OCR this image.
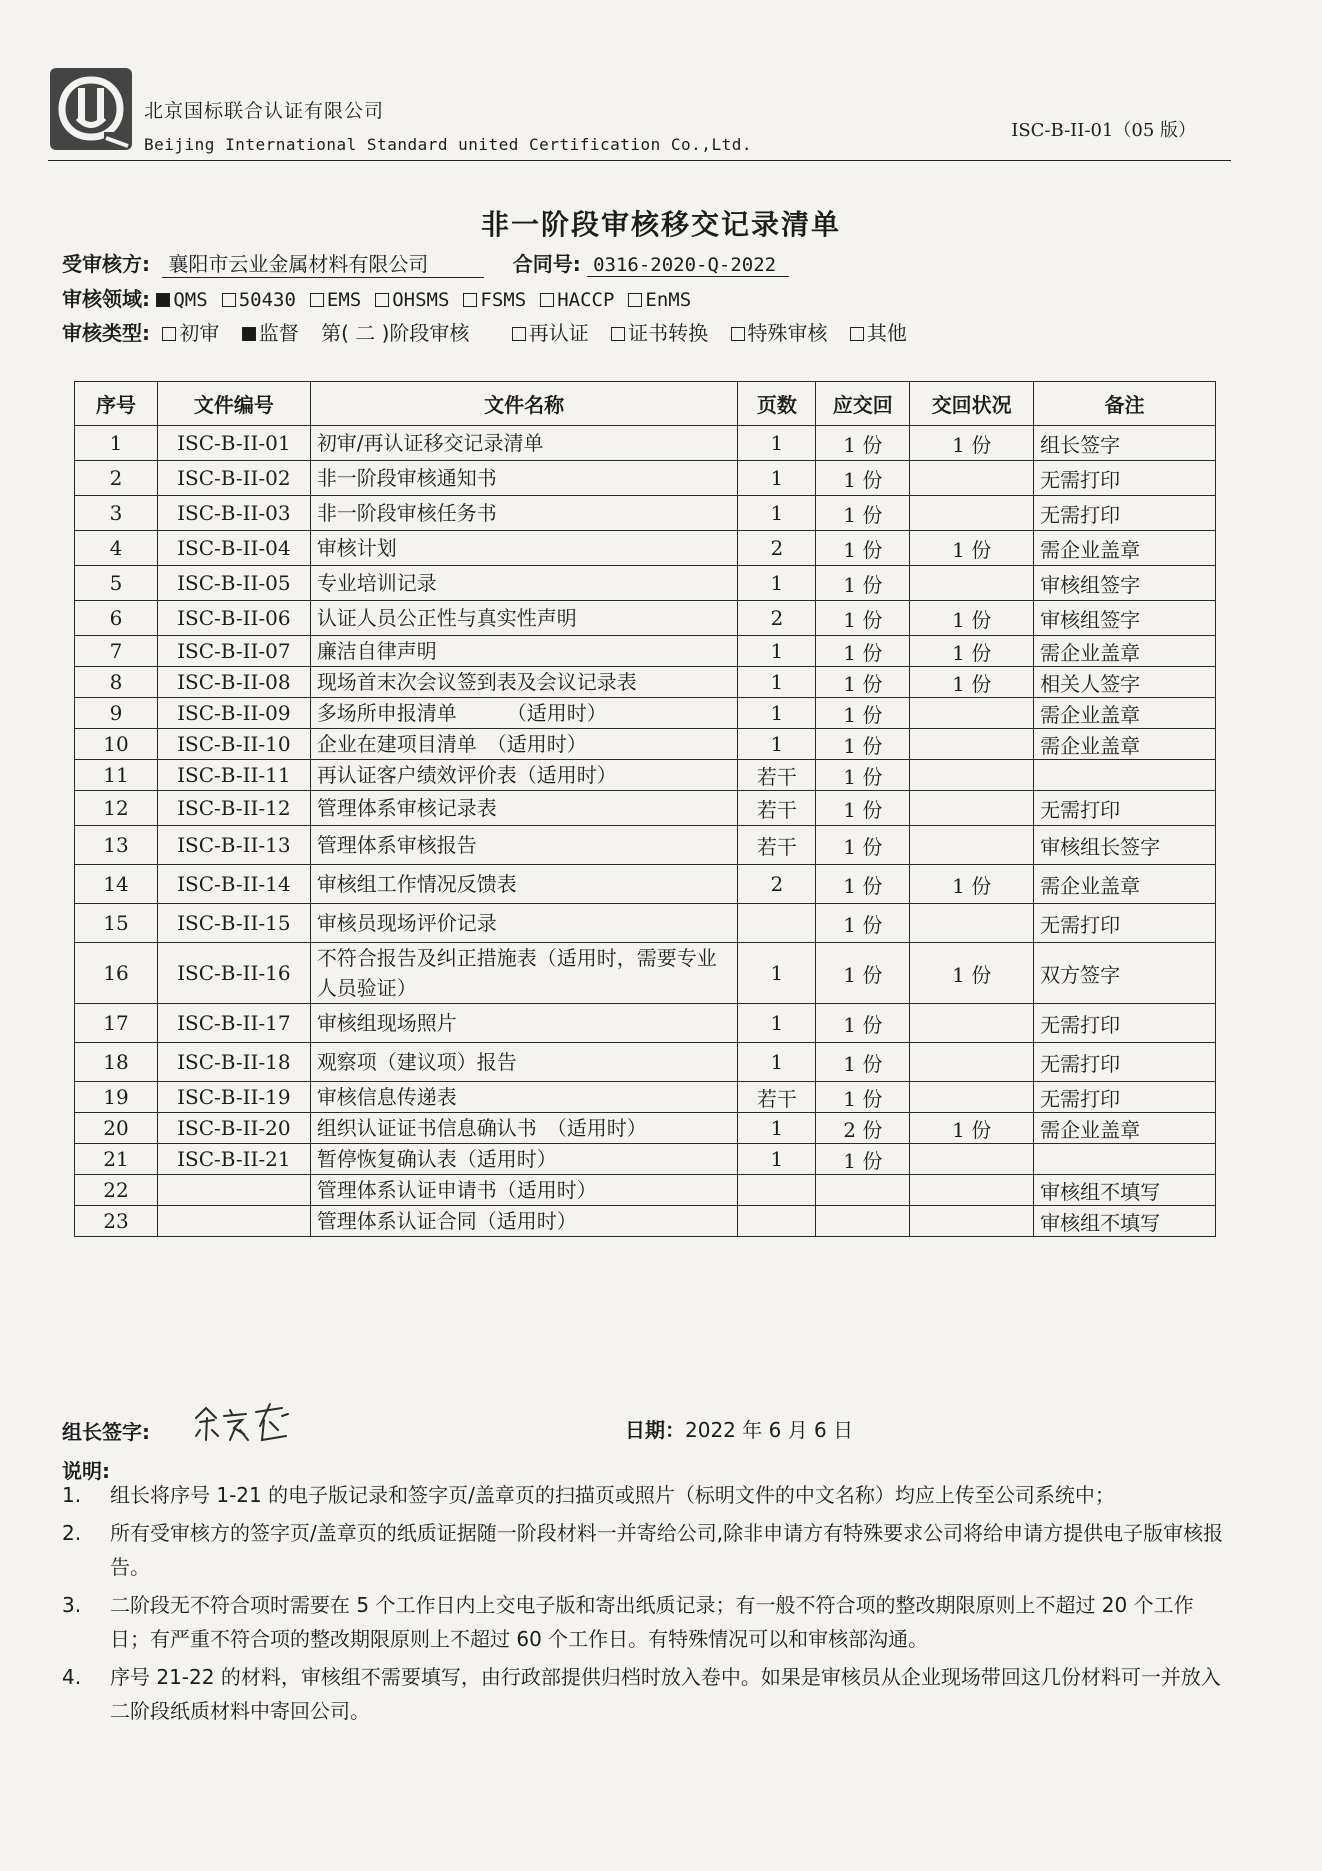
北京国标联合认证有限公司
Beijing International Standard united Certification Co.,Ltd.
ISC-B-II-01（05 版）
非一阶段审核移交记录清单
受审核方: 襄阳市云业金属材料有限公司	合同号: 0316-2020-Q-2022
审核领域: QMS 50430 EMS OHSMS FSMS HACCP EnMS
审核类型: 初审 监督 第( 二 )阶段审核	再认证 证书转换 特殊审核 其他
序号	文件编号	文件名称	页数	应交回	交回状况	备注
1	ISC-B-II-01	初审/再认证移交记录清单	1	1 份	1 份	组长签字
2	ISC-B-II-02	非一阶段审核通知书	1	1 份		无需打印
3	ISC-B-II-03	非一阶段审核任务书	1	1 份		无需打印
4	ISC-B-II-04	审核计划	2	1 份	1 份	需企业盖章
5	ISC-B-II-05	专业培训记录	1	1 份		审核组签字
6	ISC-B-II-06	认证人员公正性与真实性声明	2	1 份	1 份	审核组签字
7	ISC-B-II-07	廉洁自律声明	1	1 份	1 份	需企业盖章
8	ISC-B-II-08	现场首末次会议签到表及会议记录表	1	1 份	1 份	相关人签字
9	ISC-B-II-09	多场所申报清单　　　（适用时）	1	1 份		需企业盖章
10	ISC-B-II-10	企业在建项目清单　（适用时）	1	1 份		需企业盖章
11	ISC-B-II-11	再认证客户绩效评价表（适用时）	若干	1 份		
12	ISC-B-II-12	管理体系审核记录表	若干	1 份		无需打印
13	ISC-B-II-13	管理体系审核报告	若干	1 份		审核组长签字
14	ISC-B-II-14	审核组工作情况反馈表	2	1 份	1 份	需企业盖章
15	ISC-B-II-15	审核员现场评价记录		1 份		无需打印
16	ISC-B-II-16	不符合报告及纠正措施表（适用时，需要专业人员验证）	1	1 份	1 份	双方签字
17	ISC-B-II-17	审核组现场照片	1	1 份		无需打印
18	ISC-B-II-18	观察项（建议项）报告	1	1 份		无需打印
19	ISC-B-II-19	审核信息传递表	若干	1 份		无需打印
20	ISC-B-II-20	组织认证证书信息确认书　（适用时）	1	2 份	1 份	需企业盖章
21	ISC-B-II-21	暂停恢复确认表（适用时）	1	1 份		
22		管理体系认证申请书（适用时）				审核组不填写
23		管理体系认证合同（适用时）				审核组不填写
组长签字:	日期：2022 年 6 月 6 日
说明:
1.	组长将序号 1-21 的电子版记录和签字页/盖章页的扫描页或照片（标明文件的中文名称）均应上传至公司系统中；
2.	所有受审核方的签字页/盖章页的纸质证据随一阶段材料一并寄给公司,除非申请方有特殊要求公司将给申请方提供电子版审核报告。
3.	二阶段无不符合项时需要在 5 个工作日内上交电子版和寄出纸质记录；有一般不符合项的整改期限原则上不超过 20 个工作日；有严重不符合项的整改期限原则上不超过 60 个工作日。有特殊情况可以和审核部沟通。
4.	序号 21-22 的材料，审核组不需要填写，由行政部提供归档时放入卷中。如果是审核员从企业现场带回这几份材料可一并放入二阶段纸质材料中寄回公司。
